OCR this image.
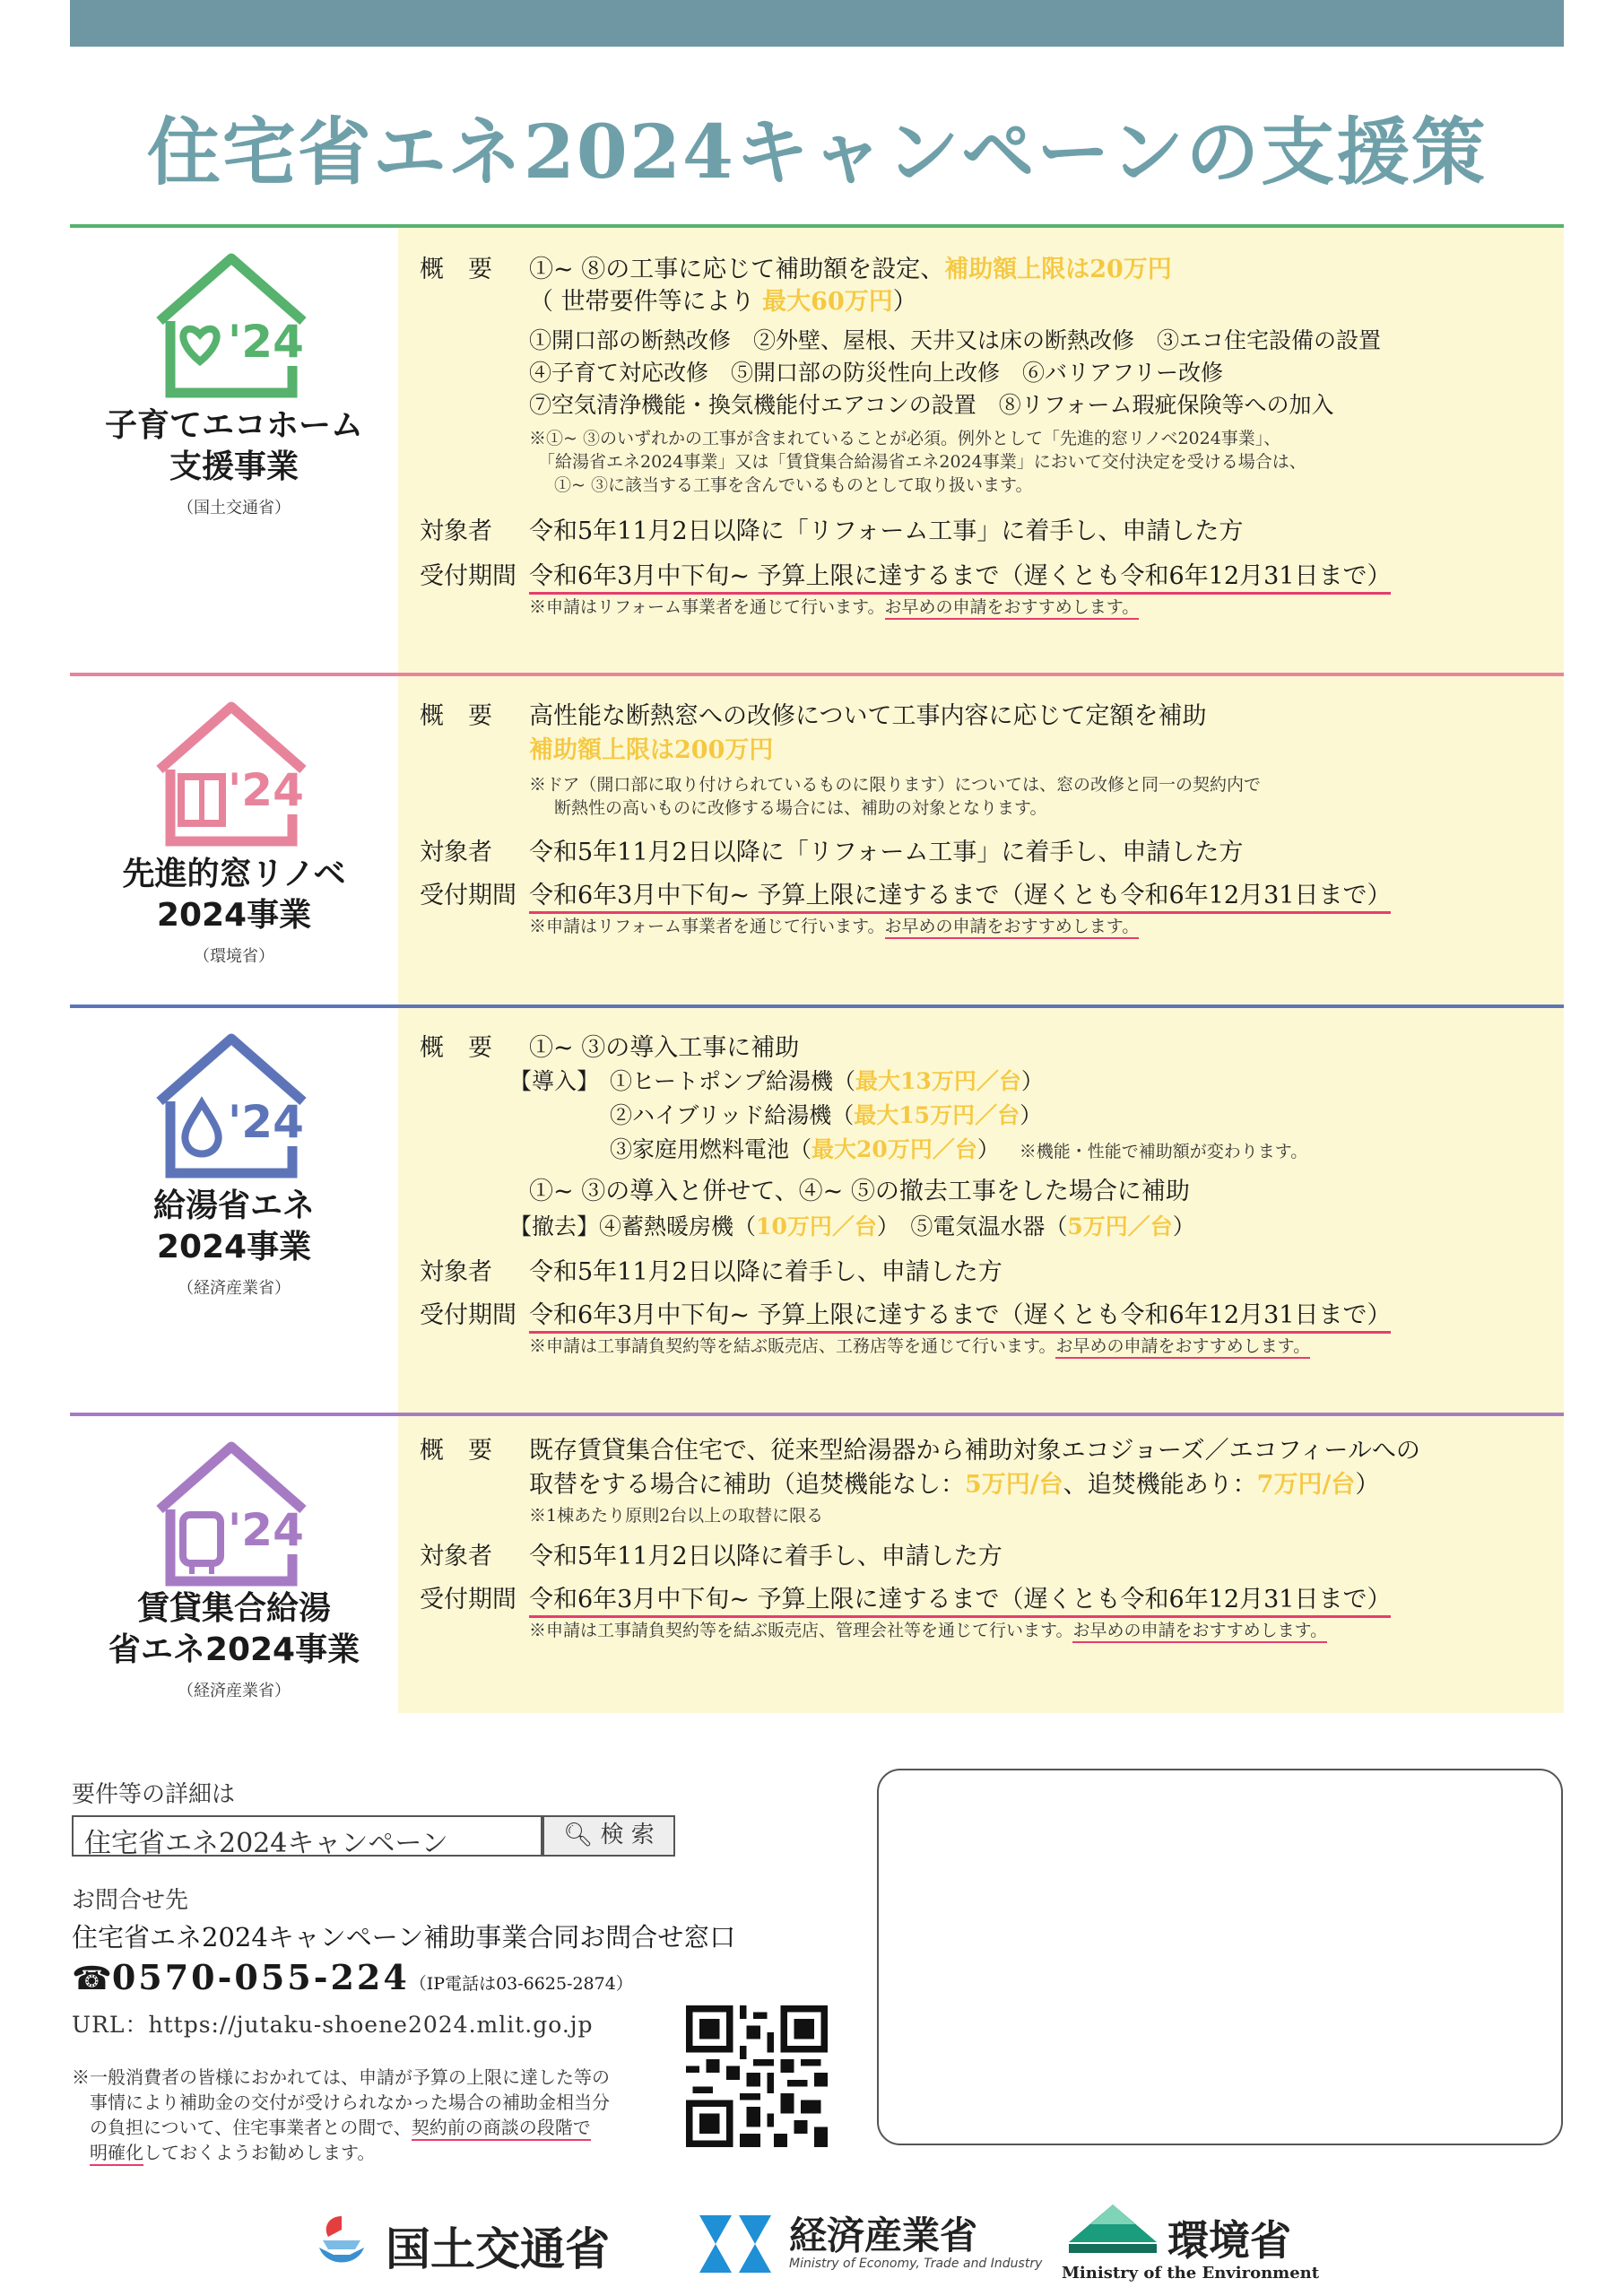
住宅省エネ2024キャンペーンの支援策
'24
子育てエコホーム
支援事業
（国土交通省）
概　要 ①~ ⑧の工事に応じて補助額を設定、補助額上限は20万円
（ 世帯要件等により 最大60万円）
①開口部の断熱改修　②外壁、屋根、天井又は床の断熱改修　③エコ住宅設備の設置
④子育て対応改修　⑤開口部の防災性向上改修　⑥バリアフリー改修
⑦空気清浄機能・換気機能付エアコンの設置　⑧リフォーム瑕疵保険等への加入
※①~ ③のいずれかの工事が含まれていることが必須。例外として「先進的窓リノベ2024事業」、
「給湯省エネ2024事業」又は「賃貸集合給湯省エネ2024事業」において交付決定を受ける場合は、
①~ ③に該当する工事を含んでいるものとして取り扱います。
対象者 令和5年11月2日以降に「リフォーム工事」に着手し、申請した方
受付期間 令和6年3月中下旬~ 予算上限に達するまで（遅くとも令和6年12月31日まで）
※申請はリフォーム事業者を通じて行います。お早めの申請をおすすめします。
'24
先進的窓リノベ
2024事業
（環境省）
概　要 高性能な断熱窓への改修について工事内容に応じて定額を補助
補助額上限は200万円
※ドア（開口部に取り付けられているものに限ります）については、窓の改修と同一の契約内で
断熱性の高いものに改修する場合には、補助の対象となります。
対象者 令和5年11月2日以降に「リフォーム工事」に着手し、申請した方
受付期間 令和6年3月中下旬~ 予算上限に達するまで（遅くとも令和6年12月31日まで）
※申請はリフォーム事業者を通じて行います。お早めの申請をおすすめします。
'24
給湯省エネ
2024事業
（経済産業省）
概　要 ①~ ③の導入工事に補助
【導入】 ①ヒートポンプ給湯機（最大13万円／台）
②ハイブリッド給湯機（最大15万円／台）
③家庭用燃料電池（最大20万円／台） ※機能・性能で補助額が変わります。
①~ ③の導入と併せて、④~ ⑤の撤去工事をした場合に補助
【撤去】④蓄熱暖房機（10万円／台）　⑤電気温水器（5万円／台）
対象者 令和5年11月2日以降に着手し、申請した方
受付期間 令和6年3月中下旬~ 予算上限に達するまで（遅くとも令和6年12月31日まで）
※申請は工事請負契約等を結ぶ販売店、工務店等を通じて行います。お早めの申請をおすすめします。
'24
賃貸集合給湯
省エネ2024事業
（経済産業省）
概　要 既存賃貸集合住宅で、従来型給湯器から補助対象エコジョーズ／エコフィールへの
取替をする場合に補助（追焚機能なし：5万円/台、追焚機能あり：7万円/台）
※1棟あたり原則2台以上の取替に限る
対象者 令和5年11月2日以降に着手し、申請した方
受付期間 令和6年3月中下旬~ 予算上限に達するまで（遅くとも令和6年12月31日まで）
※申請は工事請負契約等を結ぶ販売店、管理会社等を通じて行います。お早めの申請をおすすめします。
要件等の詳細は
住宅省エネ2024キャンペーン	🔍︎ 検 索
お問合せ先
住宅省エネ2024キャンペーン補助事業合同お問合せ窓口
☎0570-055-224（IP電話は03-6625-2874）
URL：https://jutaku-shoene2024.mlit.go.jp
※一般消費者の皆様におかれては、申請が予算の上限に達した等の
事情により補助金の交付が受けられなかった場合の補助金相当分
の負担について、住宅事業者との間で、契約前の商談の段階で
明確化しておくようお勧めします。
国土交通省	経済産業省
Ministry of Economy, Trade and Industry	環境省
Ministry of the Environment
